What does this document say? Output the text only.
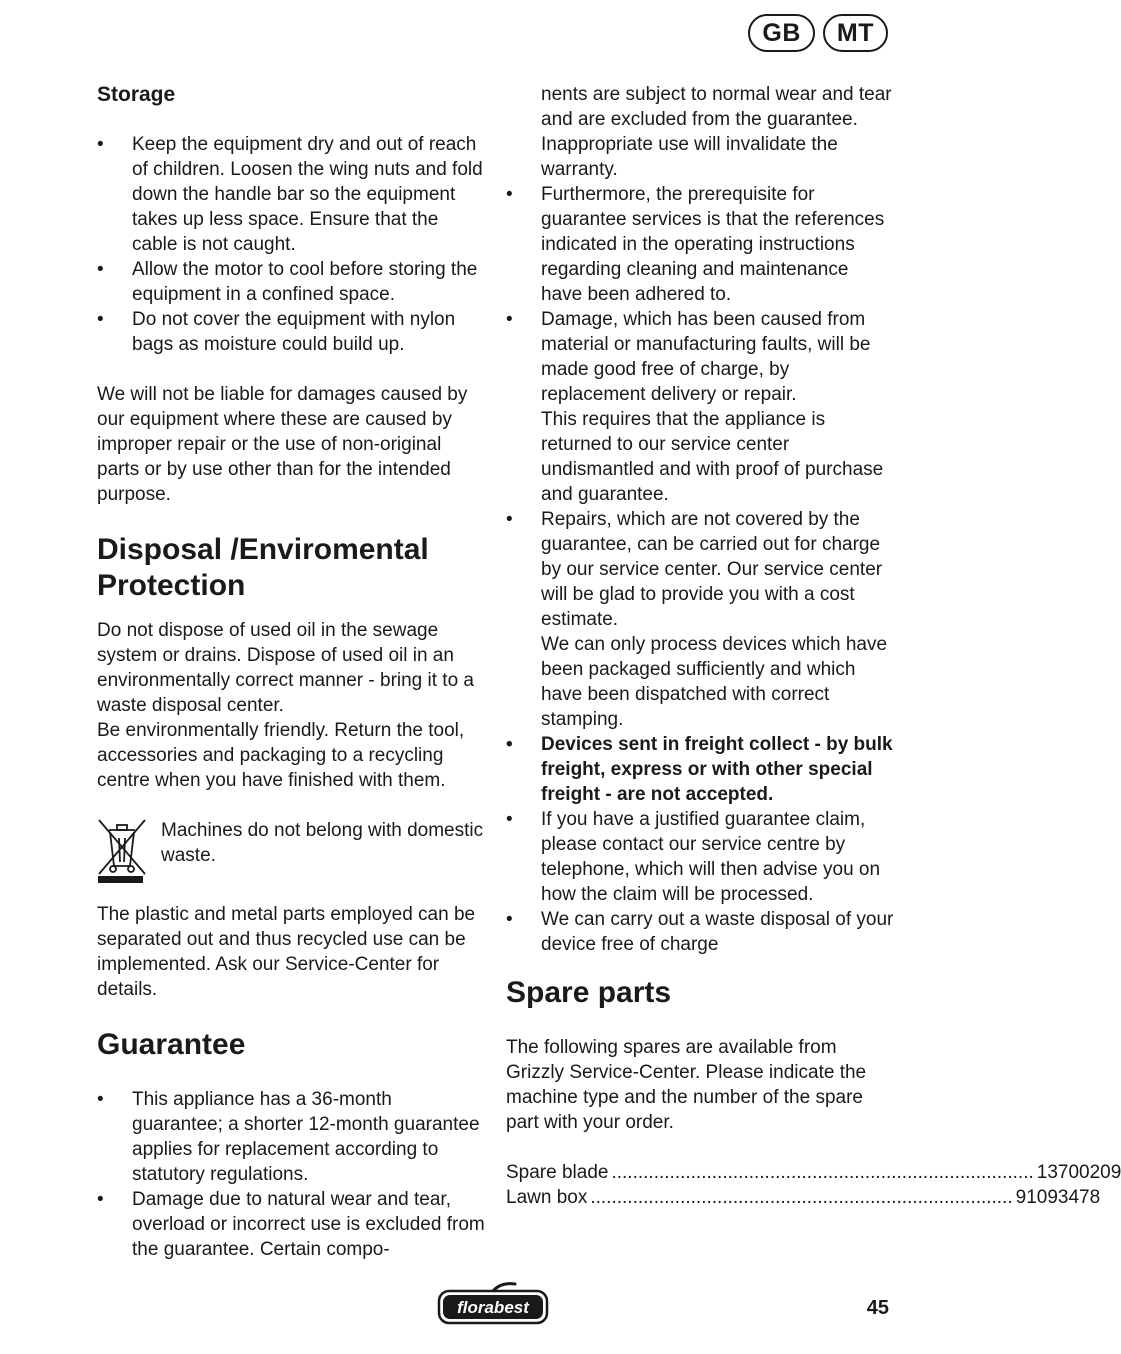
GB	MT
Storage
• Keep the equipment dry and out of reach of children. Loosen the wing nuts and fold down the handle bar so the equipment takes up less space. Ensure that the cable is not caught.
• Allow the motor to cool before storing the equipment in a confined space.
• Do not cover the equipment with nylon bags as moisture could build up.

We will not be liable for damages caused by our equipment where these are caused by improper repair or the use of non-original parts or by use other than for the intended purpose.

Disposal /Enviromental Protection

Do not dispose of used oil in the sewage system or drains. Dispose of used oil in an environmentally correct manner - bring it to a waste disposal center.

Be environmentally friendly. Return the tool, accessories and packaging to a recycling centre when you have finished with them.

Machines do not belong with domestic waste.

The plastic and metal parts employed can be separated out and thus recycled use can be implemented. Ask our Service-Center for details.

Guarantee
• This appliance has a 36-month guarantee; a shorter 12-month guarantee applies for replacement according to statutory regulations.
• Damage due to natural wear and tear, overload or incorrect use is excluded from the guarantee. Certain compo-

nents are subject to normal wear and tear and are excluded from the guarantee. Inappropriate use will invalidate the warranty.

• Furthermore, the prerequisite for guarantee services is that the references indicated in the operating instructions regarding cleaning and maintenance have been adhered to.
• Damage, which has been caused from material or manufacturing faults, will be made good free of charge, by replacement delivery or repair.
This requires that the appliance is returned to our service center undismantled and with proof of purchase and guarantee.
• Repairs, which are not covered by the guarantee, can be carried out for charge by our service center. Our service center will be glad to provide you with a cost estimate.
We can only process devices which have been packaged sufficiently and which have been dispatched with correct stamping.
• Devices sent in freight collect - by bulk freight, express or with other special freight - are not accepted.
• If you have a justified guarantee claim, please contact our service centre by telephone, which will then advise you on how the claim will be processed.
• We can carry out a waste disposal of your device free of charge
Spare parts

The following spares are available from Grizzly Service-Center. Please indicate the machine type and the number of the spare part with your order.

Spare blade ................................................................................ 13700209
Lawn box ................................................................................ 91093478
florabest	45
